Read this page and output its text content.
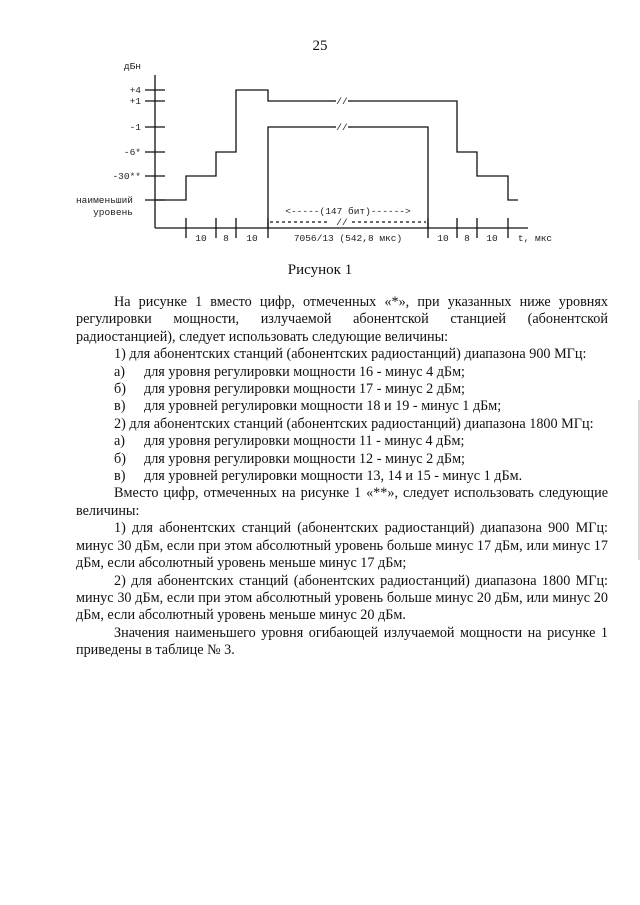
25
дБн
+4
+1
-1
-6*
-30**
наименьший
уровень
//
//
//
<-----(147 бит)------>
10 8 10	7056/13 (542,8 мкс)	10 8 10 t, мкс
Рисунок 1

На рисунке 1 вместо цифр, отмеченных «*», при указанных ниже уровнях регулировки мощности, излучаемой абонентской станцией (абонентской радиостанцией), следует использовать следующие величины:

1) для абонентских станций (абонентских радиостанций) диапазона 900 МГц:

а) для уровня регулировки мощности 16 - минус 4 дБм;

б) для уровня регулировки мощности 17 - минус 2 дБм;

в) для уровней регулировки мощности 18 и 19 - минус 1 дБм;

2) для абонентских станций (абонентских радиостанций) диапазона 1800 МГц:

а) для уровня регулировки мощности 11 - минус 4 дБм;

б) для уровня регулировки мощности 12 - минус 2 дБм;

в) для уровней регулировки мощности 13, 14 и 15 - минус 1 дБм.

Вместо цифр, отмеченных на рисунке 1 «**», следует использовать следующие величины:

1) для абонентских станций (абонентских радиостанций) диапазона 900 МГц: минус 30 дБм, если при этом абсолютный уровень больше минус 17 дБм, или минус 17 дБм, если абсолютный уровень меньше минус 17 дБм;

2) для абонентских станций (абонентских радиостанций) диапазона 1800 МГц: минус 30 дБм, если при этом абсолютный уровень больше минус 20 дБм, или минус 20 дБм, если абсолютный уровень меньше минус 20 дБм.

Значения наименьшего уровня огибающей излучаемой мощности на рисунке 1 приведены в таблице № 3.
